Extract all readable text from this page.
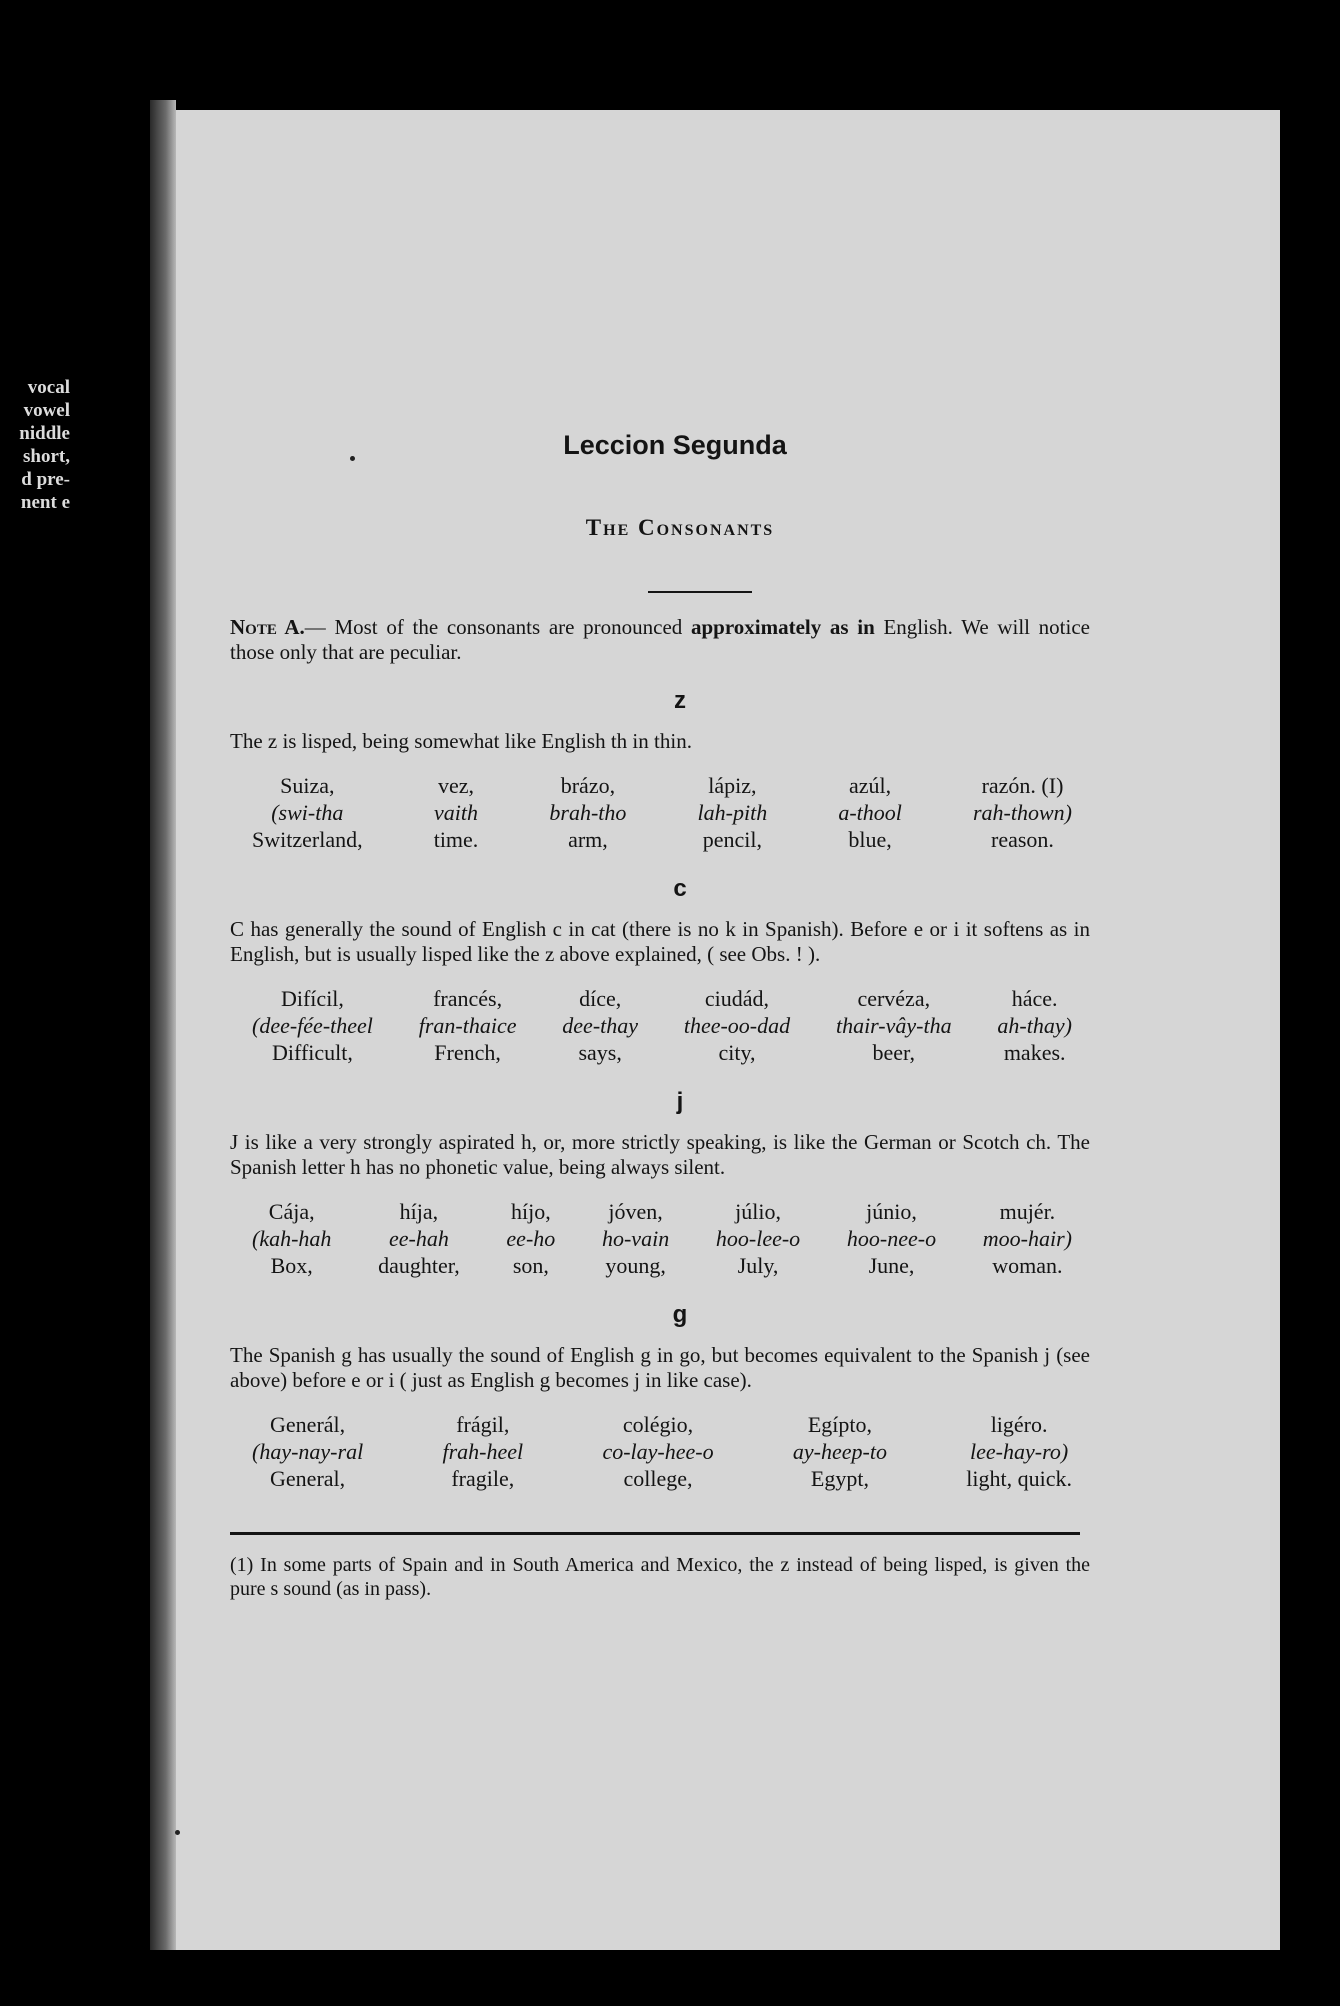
vocal
vowel
niddle
short,
d pre-
nent e
Leccion Segunda
The Consonants

Note A.— Most of the consonants are pronounced approximately as in English. We will notice those only that are peculiar.

z

The z is lisped, being somewhat like English th in thin.

Suiza,
(swi-tha
Switzerland,
vez,
vaith
time.
brázo,
brah-tho
arm,
lápiz,
lah-pith
pencil,
azúl,
a-thool
blue,
razón. (I)
rah-thown)
reason.
c

C has generally the sound of English c in cat (there is no k in Spanish). Before e or i it softens as in English, but is usually lisped like the z above explained, ( see Obs. ! ).

Difícil,
(dee-fée-theel
Difficult,
francés,
fran-thaice
French,
díce,
dee-thay
says,
ciudád,
thee-oo-dad
city,
cervéza,
thair-vây-tha
beer,
háce.
ah-thay)
makes.
j

J is like a very strongly aspirated h, or, more strictly speaking, is like the German or Scotch ch. The Spanish letter h has no phonetic value, being always silent.

Cája,
(kah-hah
Box,
híja,
ee-hah
daughter,
híjo,
ee-ho
son,
jóven,
ho-vain
young,
júlio,
hoo-lee-o
July,
júnio,
hoo-nee-o
June,
mujér.
moo-hair)
woman.
g

The Spanish g has usually the sound of English g in go, but becomes equivalent to the Spanish j (see above) before e or i ( just as English g becomes j in like case).

Generál,
(hay-nay-ral
General,
frágil,
frah-heel
fragile,
colégio,
co-lay-hee-o
college,
Egípto,
ay-heep-to
Egypt,
ligéro.
lee-hay-ro)
light, quick.

(1) In some parts of Spain and in South America and Mexico, the z instead of being lisped, is given the pure s sound (as in pass).
